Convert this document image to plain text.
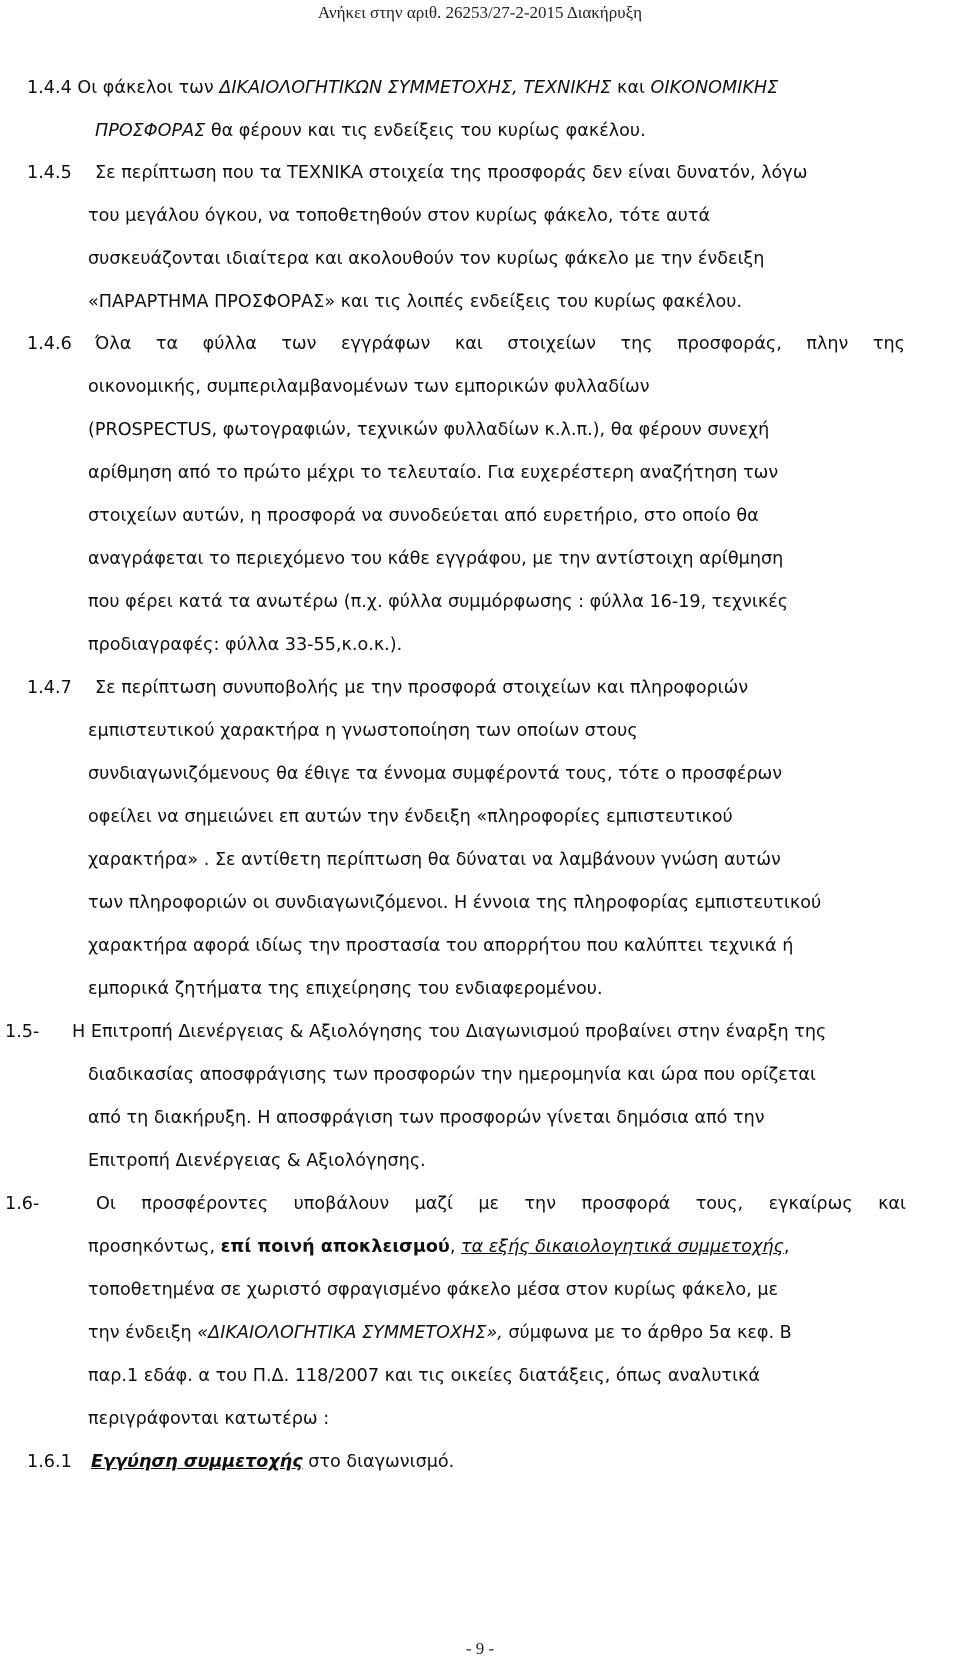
Ανήκει στην αριθ. 26253/27-2-2015 Διακήρυξη
1.4.4 Οι φάκελοι των ΔΙΚΑΙΟΛΟΓΗΤΙΚΩΝ ΣΥΜΜΕΤΟΧΗΣ, ΤΕΧΝΙΚΗΣ και ΟΙΚΟΝΟΜΙΚΗΣ
ΠΡΟΣΦΟΡΑΣ θα φέρουν και τις ενδείξεις του κυρίως φακέλου.
1.4.5 Σε περίπτωση που τα ΤΕΧΝΙΚΑ στοιχεία της προσφοράς δεν είναι δυνατόν, λόγω
του μεγάλου όγκου, να τοποθετηθούν στον κυρίως φάκελο, τότε αυτά
συσκευάζονται ιδιαίτερα και ακολουθούν τον κυρίως φάκελο με την ένδειξη
«ΠΑΡΑΡΤΗΜΑ ΠΡΟΣΦΟΡΑΣ» και τις λοιπές ενδείξεις του κυρίως φακέλου.
1.4.6 Όλα τα φύλλα των εγγράφων και στοιχείων της προσφοράς, πλην της
οικονομικής, συμπεριλαμβανομένων των εμπορικών φυλλαδίων
(PROSPECTUS, φωτογραφιών, τεχνικών φυλλαδίων κ.λ.π.), θα φέρουν συνεχή
αρίθμηση από το πρώτο μέχρι το τελευταίο. Για ευχερέστερη αναζήτηση των
στοιχείων αυτών, η προσφορά να συνοδεύεται από ευρετήριο, στο οποίο θα
αναγράφεται το περιεχόμενο του κάθε εγγράφου, με την αντίστοιχη αρίθμηση
που φέρει κατά τα ανωτέρω (π.χ. φύλλα συμμόρφωσης : φύλλα 16-19, τεχνικές
προδιαγραφές: φύλλα 33-55,κ.ο.κ.).
1.4.7 Σε περίπτωση συνυποβολής με την προσφορά στοιχείων και πληροφοριών
εμπιστευτικού χαρακτήρα η γνωστοποίηση των οποίων στους
συνδιαγωνιζόμενους θα έθιγε τα έννομα συμφέροντά τους, τότε ο προσφέρων
οφείλει να σημειώνει επ αυτών την ένδειξη «πληροφορίες εμπιστευτικού
χαρακτήρα» . Σε αντίθετη περίπτωση θα δύναται να λαμβάνουν γνώση αυτών
των πληροφοριών οι συνδιαγωνιζόμενοι. Η έννοια της πληροφορίας εμπιστευτικού
χαρακτήρα αφορά ιδίως την προστασία του απορρήτου που καλύπτει τεχνικά ή
εμπορικά ζητήματα της επιχείρησης του ενδιαφερομένου.
1.5- Η Επιτροπή Διενέργειας & Αξιολόγησης του Διαγωνισμού προβαίνει στην έναρξη της
διαδικασίας αποσφράγισης των προσφορών την ημερομηνία και ώρα που ορίζεται
από τη διακήρυξη. Η αποσφράγιση των προσφορών γίνεται δημόσια από την
Επιτροπή Διενέργειας & Αξιολόγησης.
1.6-	Οι προσφέροντες υποβάλουν μαζί με την προσφορά τους, εγκαίρως και
προσηκόντως, επί ποινή αποκλεισμού, τα εξής δικαιολογητικά συμμετοχής,
τοποθετημένα σε χωριστό σφραγισμένο φάκελο μέσα στον κυρίως φάκελο, με
την ένδειξη «ΔΙΚΑΙΟΛΟΓΗΤΙΚΑ ΣΥΜΜΕΤΟΧΗΣ», σύμφωνα με το άρθρο 5α κεφ. Β
παρ.1 εδάφ. α του Π.Δ. 118/2007 και τις οικείες διατάξεις, όπως αναλυτικά
περιγράφονται κατωτέρω :
1.6.1 Εγγύηση συμμετοχής στο διαγωνισμό.
- 9 -
